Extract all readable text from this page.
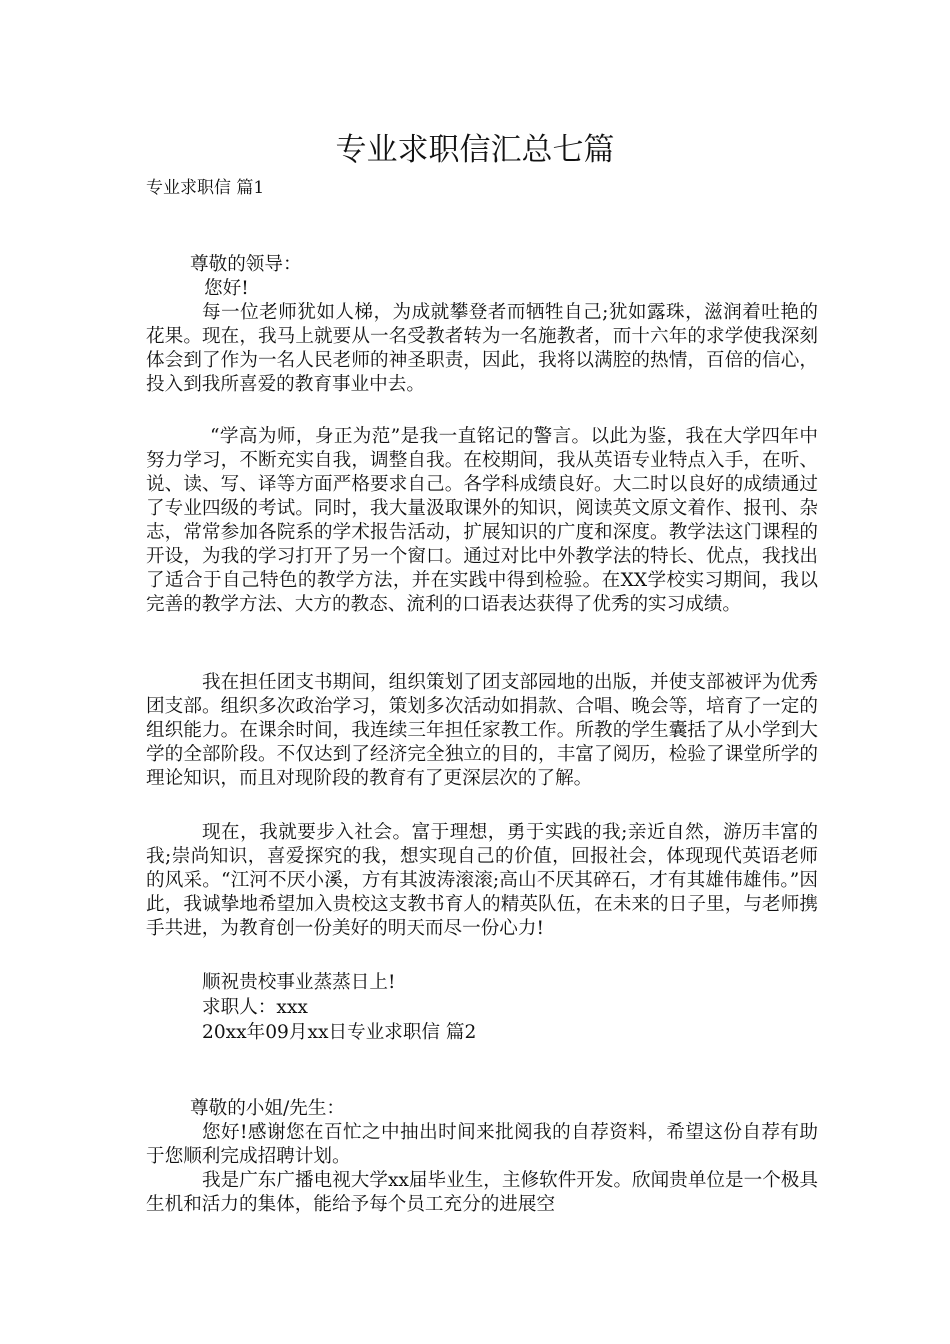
专业求职信汇总七篇

专业求职信 篇1

尊敬的领导：

您好!

每一位老师犹如人梯，为成就攀登者而牺牲自己;犹如露珠，滋润着吐艳的花果。现在，我马上就要从一名受教者转为一名施教者，而十六年的求学使我深刻体会到了作为一名人民老师的神圣职责，因此，我将以满腔的热情，百倍的信心，投入到我所喜爱的教育事业中去。

“学高为师，身正为范”是我一直铭记的警言。以此为鉴，我在大学四年中努力学习，不断充实自我，调整自我。在校期间，我从英语专业特点入手，在听、说、读、写、译等方面严格要求自己。各学科成绩良好。大二时以良好的成绩通过了专业四级的考试。同时，我大量汲取课外的知识，阅读英文原文着作、报刊、杂志，常常参加各院系的学术报告活动，扩展知识的广度和深度。教学法这门课程的开设，为我的学习打开了另一个窗口。通过对比中外教学法的特长、优点，我找出了适合于自己特色的教学方法，并在实践中得到检验。在XX学校实习期间，我以完善的教学方法、大方的教态、流利的口语表达获得了优秀的实习成绩。

我在担任团支书期间，组织策划了团支部园地的出版，并使支部被评为优秀团支部。组织多次政治学习，策划多次活动如捐款、合唱、晚会等，培育了一定的组织能力。在课余时间，我连续三年担任家教工作。所教的学生囊括了从小学到大学的全部阶段。不仅达到了经济完全独立的目的，丰富了阅历，检验了课堂所学的理论知识，而且对现阶段的教育有了更深层次的了解。

现在，我就要步入社会。富于理想，勇于实践的我;亲近自然，游历丰富的我;崇尚知识，喜爱探究的我，想实现自己的价值，回报社会，体现现代英语老师的风采。“江河不厌小溪，方有其波涛滚滚;高山不厌其碎石，才有其雄伟雄伟。”因此，我诚挚地希望加入贵校这支教书育人的精英队伍，在未来的日子里，与老师携手共进，为教育创一份美好的明天而尽一份心力!

顺祝贵校事业蒸蒸日上!

求职人：xxx

20xx年09月xx日专业求职信 篇2

尊敬的小姐/先生：

您好!感谢您在百忙之中抽出时间来批阅我的自荐资料，希望这份自荐有助于您顺利完成招聘计划。

我是广东广播电视大学xx届毕业生，主修软件开发。欣闻贵单位是一个极具生机和活力的集体，能给予每个员工充分的进展空
